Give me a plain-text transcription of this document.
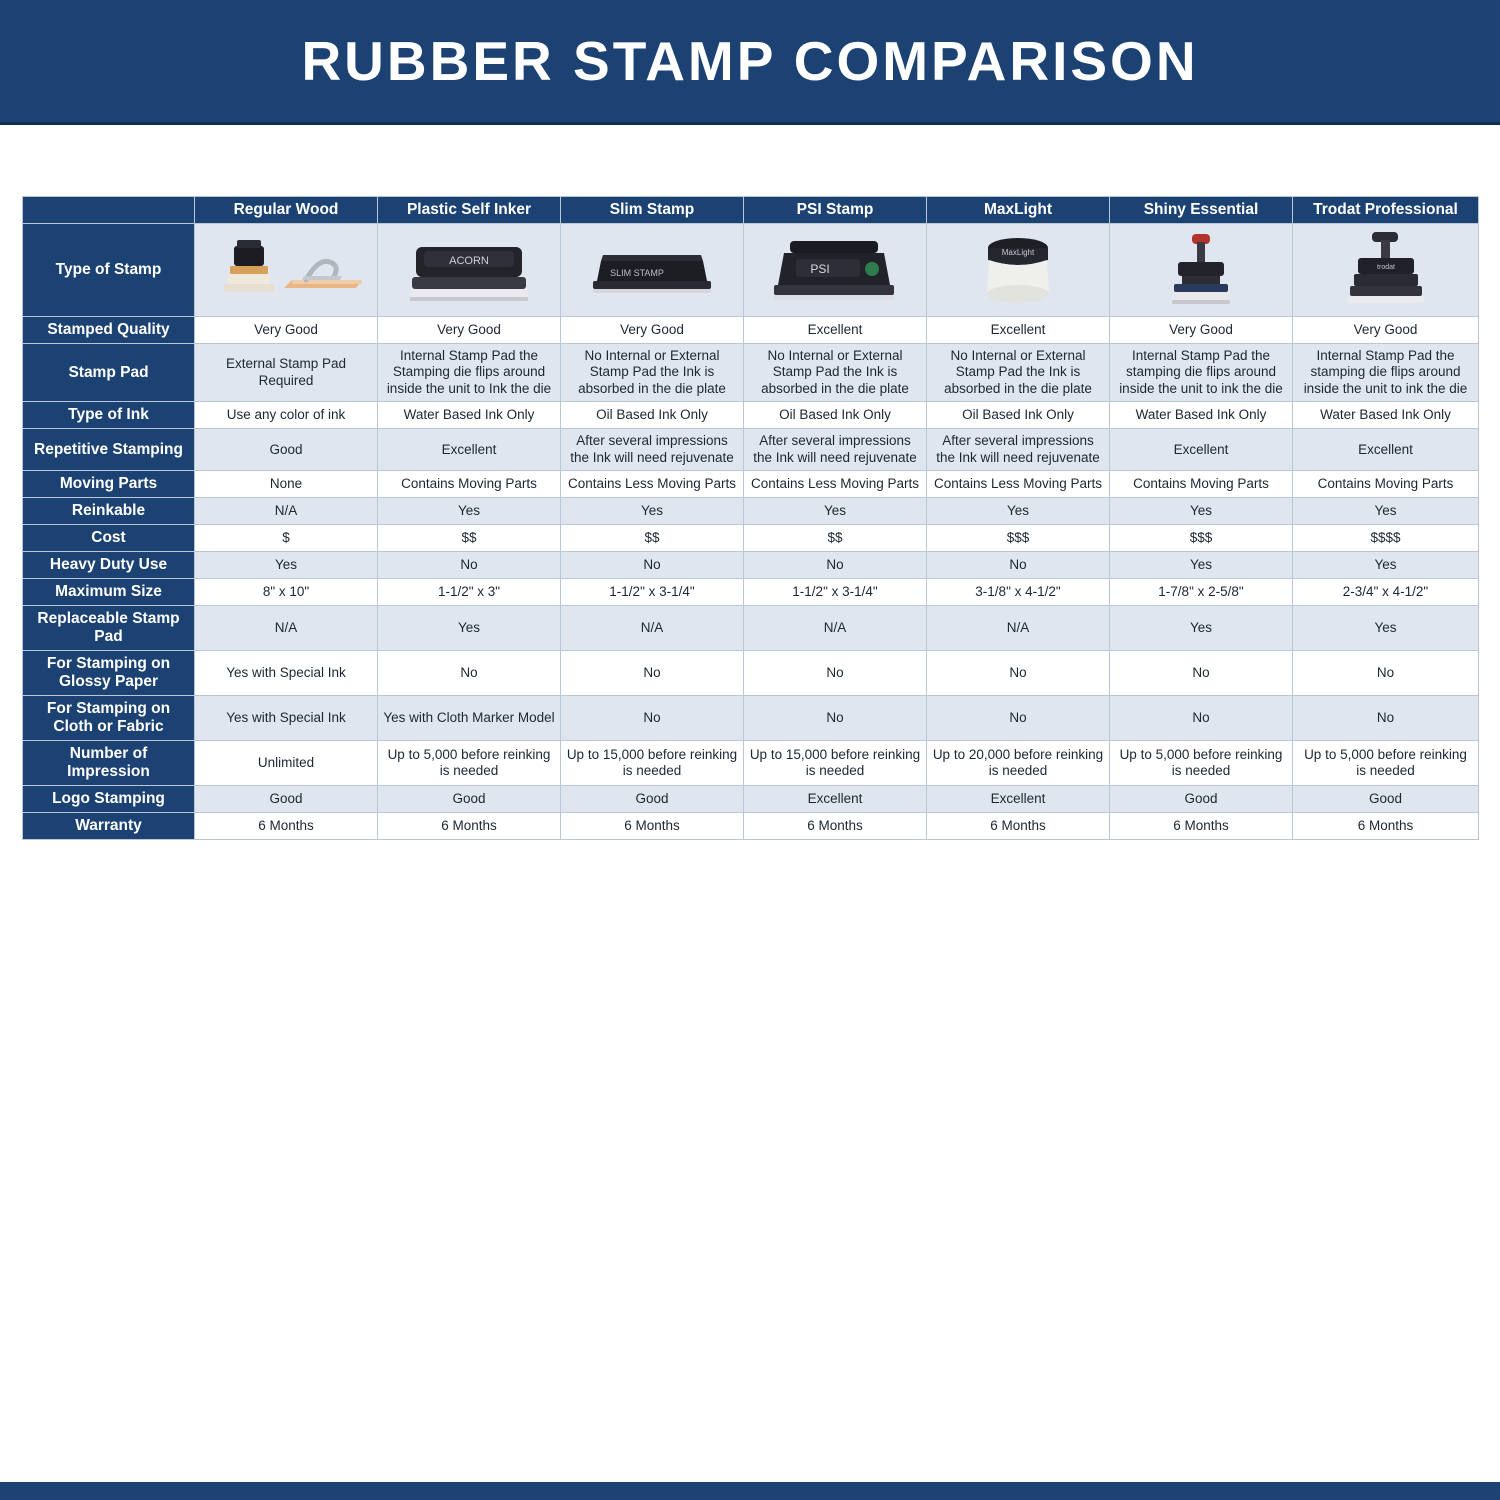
RUBBER STAMP COMPARISON
	Regular Wood	Plastic Self Inker	Slim Stamp	PSI Stamp	MaxLight	Shiny Essential	Trodat Professional
Type of Stamp		ACORN	SLIM STAMP	PSI	MaxLight		trodat

Stamped Quality	Very Good	Very Good	Very Good	Excellent	Excellent	Very Good	Very Good
Stamp Pad	External Stamp Pad Required	Internal Stamp Pad the Stamping die flips around inside the unit to Ink the die	No Internal or External Stamp Pad the Ink is absorbed in the die plate	No Internal or External Stamp Pad the Ink is absorbed in the die plate	No Internal or External Stamp Pad the Ink is absorbed in the die plate	Internal Stamp Pad the stamping die flips around inside the unit to ink the die	Internal Stamp Pad the stamping die flips around inside the unit to ink the die
Type of Ink	Use any color of ink	Water Based Ink Only	Oil Based Ink Only	Oil Based Ink Only	Oil Based Ink Only	Water Based Ink Only	Water Based Ink Only
Repetitive Stamping	Good	Excellent	After several impressions the Ink will need rejuvenate	After several impressions the Ink will need rejuvenate	After several impressions the Ink will need rejuvenate	Excellent	Excellent
Moving Parts	None	Contains Moving Parts	Contains Less Moving Parts	Contains Less Moving Parts	Contains Less Moving Parts	Contains Moving Parts	Contains Moving Parts
Reinkable	N/A	Yes	Yes	Yes	Yes	Yes	Yes
Cost	$	$$	$$	$$	$$$	$$$	$$$$
Heavy Duty Use	Yes	No	No	No	No	Yes	Yes
Maximum Size	8" x 10"	1-1/2" x 3"	1-1/2" x 3-1/4"	1-1/2" x 3-1/4"	3-1/8" x 4-1/2"	1-7/8" x 2-5/8"	2-3/4" x 4-1/2"
Replaceable Stamp Pad	N/A	Yes	N/A	N/A	N/A	Yes	Yes
For Stamping on Glossy Paper	Yes with Special Ink	No	No	No	No	No	No
For Stamping on Cloth or Fabric	Yes with Special Ink	Yes with Cloth Marker Model	No	No	No	No	No
Number of Impression	Unlimited	Up to 5,000 before reinking is needed	Up to 15,000 before reinking is needed	Up to 15,000 before reinking is needed	Up to 20,000 before reinking is needed	Up to 5,000 before reinking is needed	Up to 5,000 before reinking is needed
Logo Stamping	Good	Good	Good	Excellent	Excellent	Good	Good
Warranty	6 Months	6 Months	6 Months	6 Months	6 Months	6 Months	6 Months
